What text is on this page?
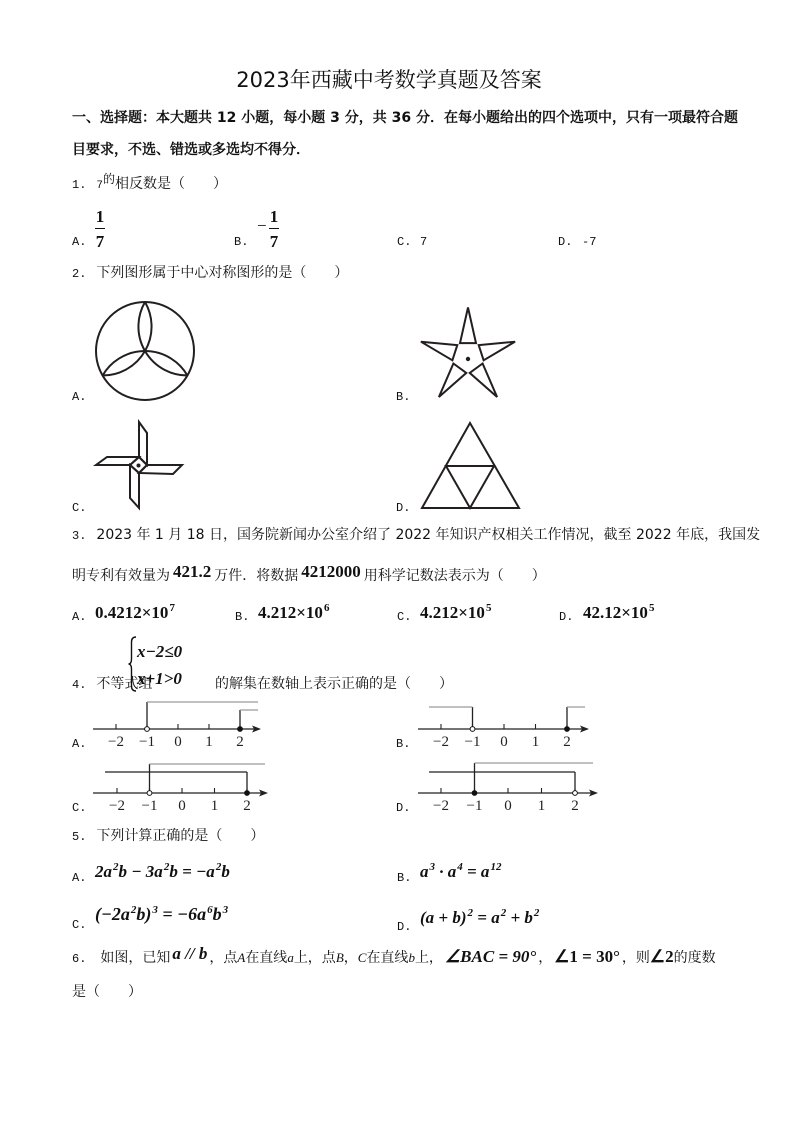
2023年西藏中考数学真题及答案
一、选择题：本大题共 12 小题，每小题 3 分，共 36 分．在每小题给出的四个选项中，只有一项最符合题
目要求，不选、错选或多选均不得分．
1. 7 的 相反数是（　　）
A.
1
7	B.
− 1
7	C. 7	D. -7
2. 下列图形属于中心对称图形的是（　　）
A.	B.
C.	D.
3. 2023 年 1 月 18 日，国务院新闻办公室介绍了 2022 年知识产权相关工作情况，截至 2022 年底，我国发
明专利有效量为 421.2 万件．将数据 4212000 用科学记数法表示为（　　）
A. $0.4212\times 10^7$
B. $4.212\times 10^6$
C. $4.212\times 10^5$
D. $42.12\times 10^5$
4. 不等式组
x−2≤0
x+1>0 的解集在数轴上表示正确的是（　　）
−2 −1 0 1 2
A.	−2 −1 0 1 2
B.
−2 −1 0 1 2
C.	−2 −1 0 1 2
D.
5. 下列计算正确的是（　　）
A. $2a^2b - 3a^2b = -a^2b$	B. $a^3 \cdot a^4 = a^{12}$
C.
$(-2a^2b)^3 = -6a^6b^3$
D. $(a + b)^2 = a^2 + b^2$
6. 如图，已知 a // b ，点 A 在直线 a 上，点 B ， C 在直线 b 上， ∠BAC = 90° ， ∠1 = 30° ，则 ∠2 的度数
是（　　）
